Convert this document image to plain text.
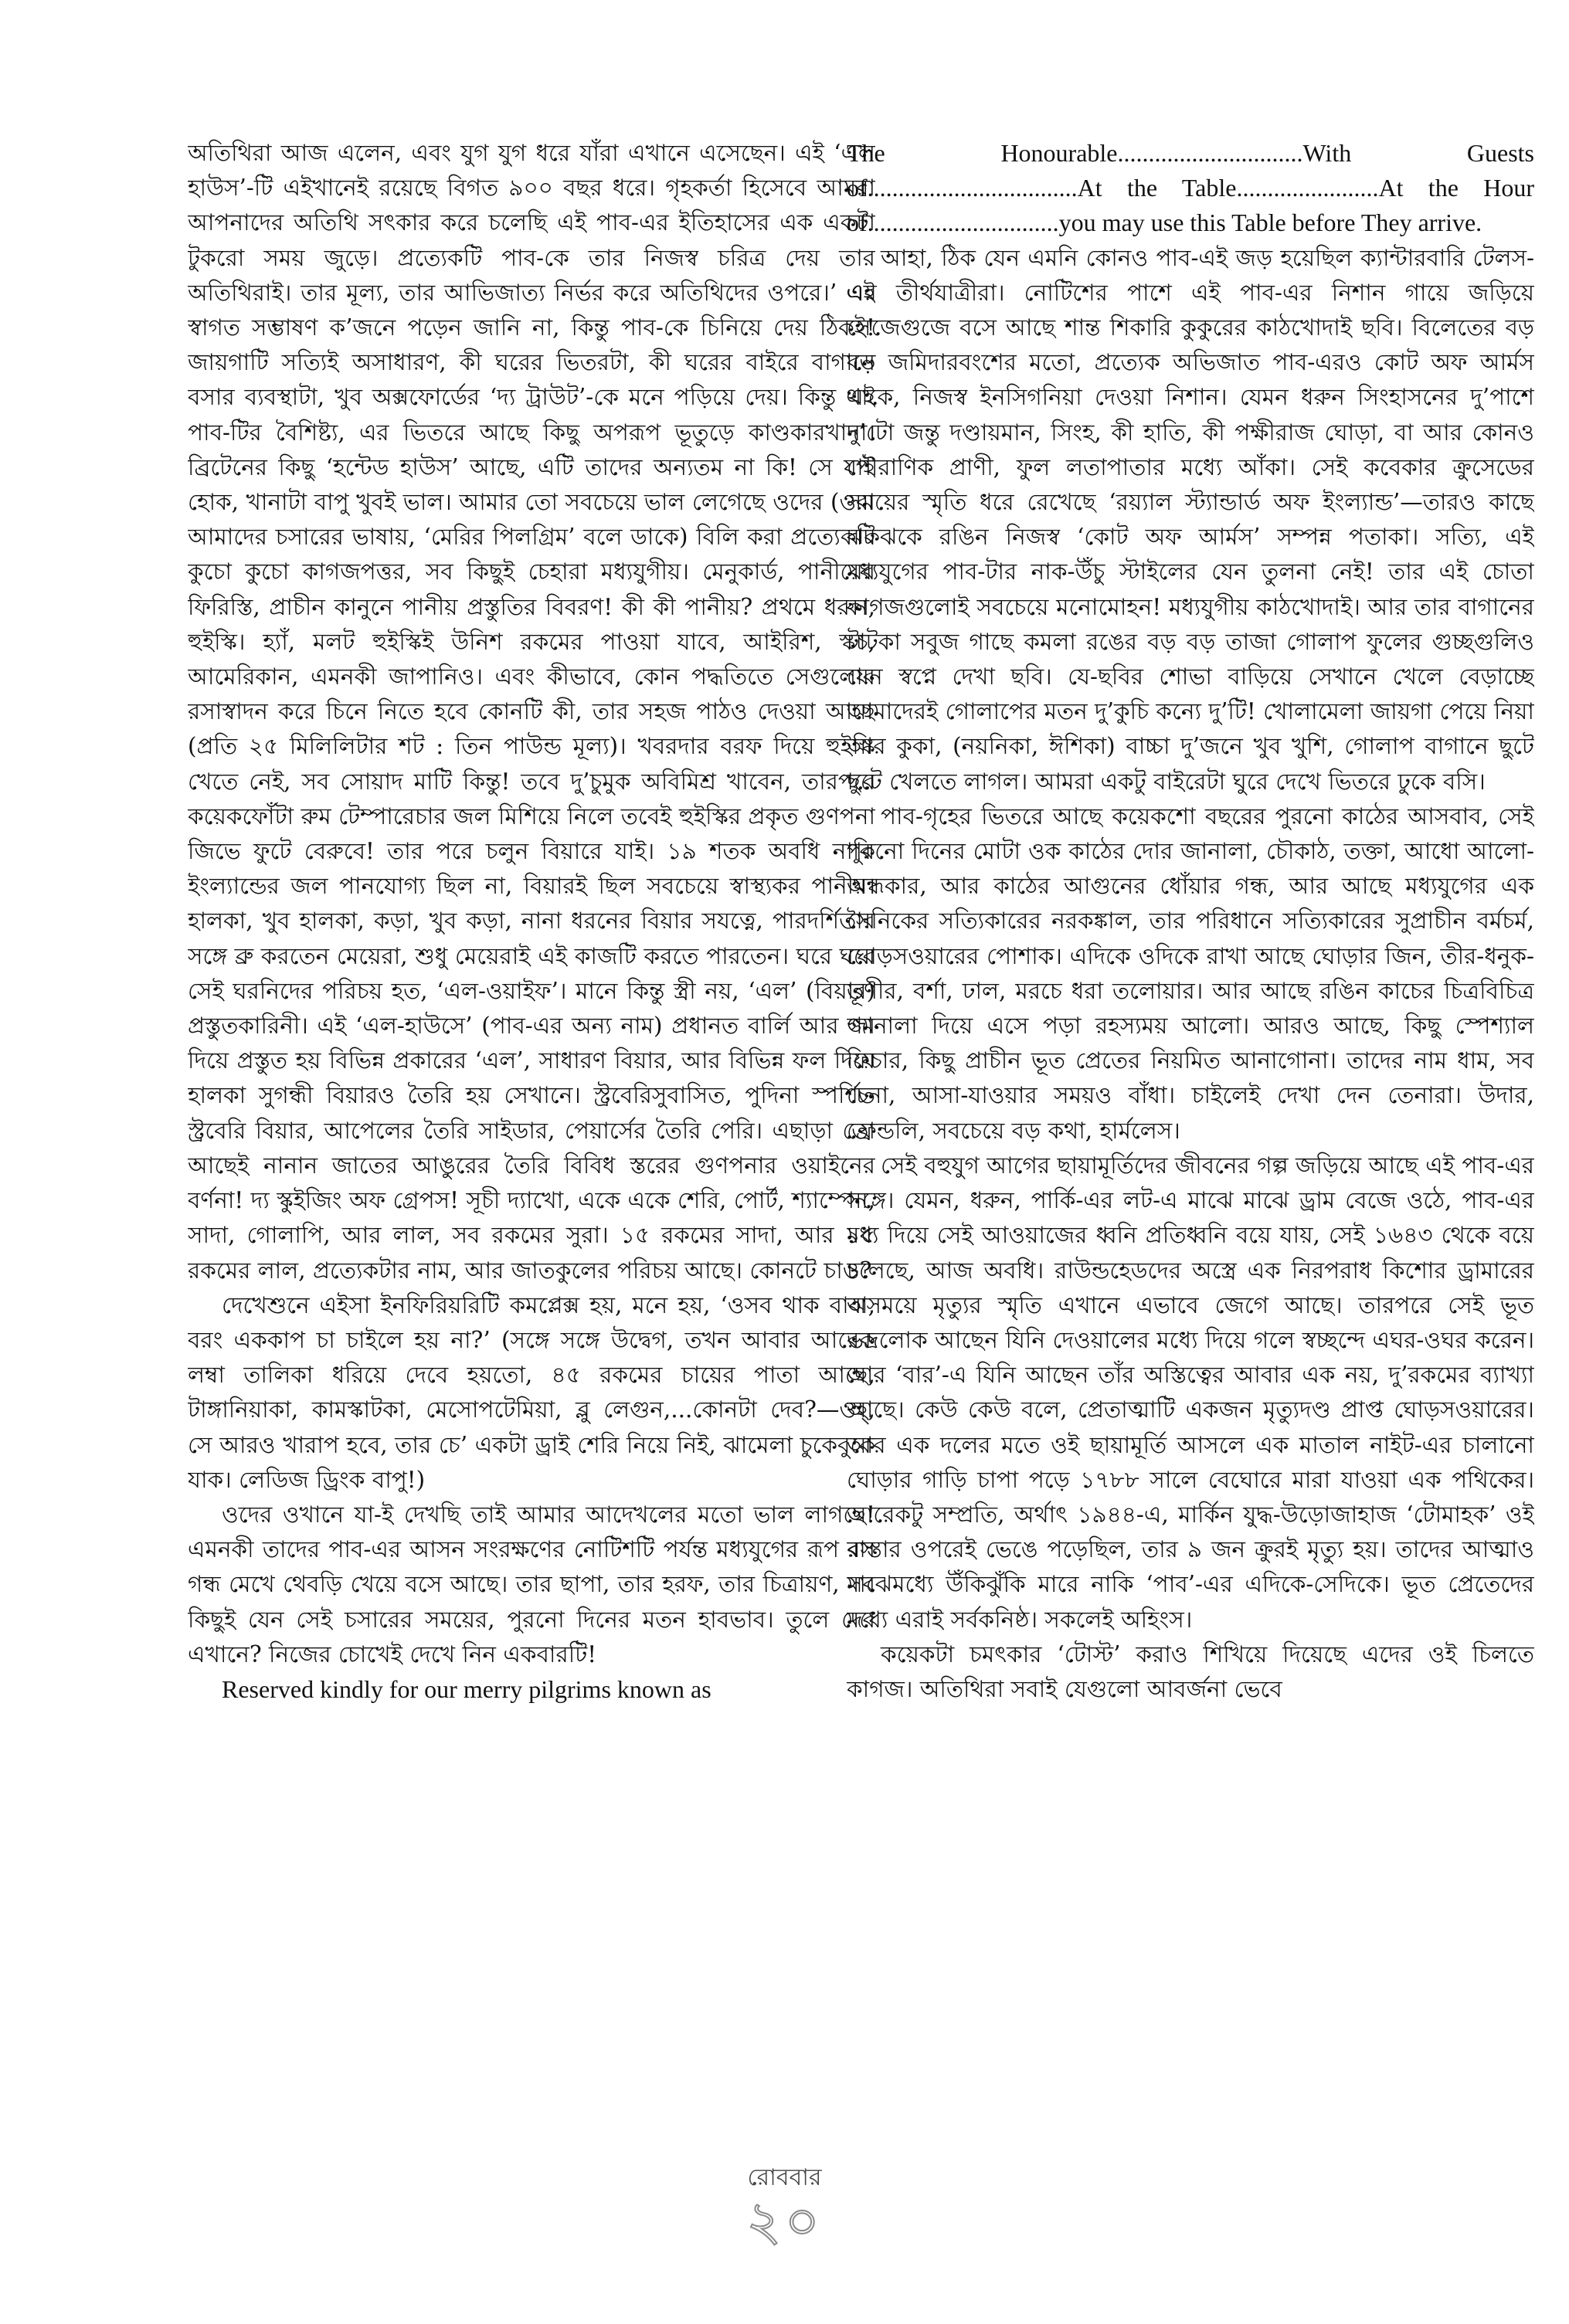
অতিথিরা আজ এলেন, এবং যুগ যুগ ধরে যাঁরা এখানে এসেছেন। এই ‘এল হাউস’-টি এইখানেই রয়েছে বিগত ৯০০ বছর ধরে। গৃহকর্তা হিসেবে আমরা আপনাদের অতিথি সৎকার করে চলেছি এই পাব-এর ইতিহাসের এক একটা টুকরো সময় জুড়ে। প্রত্যেকটি পাব-কে তার নিজস্ব চরিত্র দেয় তার অতিথিরাই। তার মূল্য, তার আভিজাত্য নির্ভর করে অতিথিদের ওপরে।’ এই স্বাগত সম্ভাষণ ক’জনে পড়েন জানি না, কিন্তু পাব-কে চিনিয়ে দেয় ঠিকই! জায়গাটি সত্যিই অসাধারণ, কী ঘরের ভিতরটা, কী ঘরের বাইরে বাগানে বসার ব্যবস্থাটা, খুব অক্সফোর্ডের ‘দ্য ট্রাউট’-কে মনে পড়িয়ে দেয়। কিন্তু এই পাব-টির বৈশিষ্ট্য, এর ভিতরে আছে কিছু অপরূপ ভূতুড়ে কাণ্ডকারখানা। ব্রিটেনের কিছু ‘হন্টেড হাউস’ আছে, এটি তাদের অন্যতম না কি! সে যাই হোক, খানাটা বাপু খুবই ভাল। আমার তো সবচেয়ে ভাল লেগেছে ওদের (ওরা আমাদের চসারের ভাষায়, ‘মেরির পিলগ্রিম’ বলে ডাকে) বিলি করা প্রত্যেকটি কুচো কুচো কাগজপত্তর, সব কিছুই চেহারা মধ্যযুগীয়। মেনুকার্ড, পানীয়ের ফিরিস্তি, প্রাচীন কানুনে পানীয় প্রস্তুতির বিবরণ! কী কী পানীয়? প্রথমে ধরুন, হুইস্কি। হ্যাঁ, মলট হুইস্কিই উনিশ রকমের পাওয়া যাবে, আইরিশ, স্কচ, আমেরিকান, এমনকী জাপানিও। এবং কীভাবে, কোন পদ্ধতিতে সেগুলোর রসাস্বাদন করে চিনে নিতে হবে কোনটি কী, তার সহজ পাঠও দেওয়া আছে (প্রতি ২৫ মিলিলিটার শট : তিন পাউন্ড মূল্য)। খবরদার বরফ দিয়ে হুইস্কি খেতে নেই, সব সোয়াদ মাটি কিন্তু! তবে দু’চুমুক অবিমিশ্র খাবেন, তারপরে কয়েকফোঁটা রুম টেম্পারেচার জল মিশিয়ে নিলে তবেই হুইস্কির প্রকৃত গুণপনা জিভে ফুটে বেরুবে! তার পরে চলুন বিয়ারে যাই। ১৯ শতক অবধি নাকি ইংল্যান্ডের জল পানযোগ্য ছিল না, বিয়ারই ছিল সবচেয়ে স্বাস্থ্যকর পানীয়। হালকা, খুব হালকা, কড়া, খুব কড়া, নানা ধরনের বিয়ার সযত্নে, পারদর্শিতার সঙ্গে ব্রু করতেন মেয়েরা, শুধু মেয়েরাই এই কাজটি করতে পারতেন। ঘরে ঘরে সেই ঘরনিদের পরিচয় হত, ‘এল-ওয়াইফ’। মানে কিন্তু স্ত্রী নয়, ‘এল’ (বিয়ার) প্রস্তুতকারিনী। এই ‘এল-হাউসে’ (পাব-এর অন্য নাম) প্রধানত বার্লি আর গম দিয়ে প্রস্তুত হয় বিভিন্ন প্রকারের ‘এল’, সাধারণ বিয়ার, আর বিভিন্ন ফল দিয়ে হালকা সুগন্ধী বিয়ারও তৈরি হয় সেখানে। স্ট্রবেরিসুবাসিত, পুদিনা স্পর্শিত স্ট্রবেরি বিয়ার, আপেলের তৈরি সাইডার, পেয়ার্সের তৈরি পেরি। এছাড়া তো আছেই নানান জাতের আঙুরের তৈরি বিবিধ স্তরের গুণপনার ওয়াইনের বর্ণনা! দ্য স্কুইজিং অফ গ্রেপস! সূচী দ্যাখো, একে একে শেরি, পোর্ট, শ্যাম্পেন, সাদা, গোলাপি, আর লাল, সব রকমের সুরা। ১৫ রকমের সাদা, আর ১৫ রকমের লাল, প্রত্যেকটার নাম, আর জাতকুলের পরিচয় আছে। কোনটে চাও?

দেখেশুনে এইসা ইনফিরিয়রিটি কমপ্লেক্স হয়, মনে হয়, ‘ওসব থাক বাবা, বরং এককাপ চা চাইলে হয় না?’ (সঙ্গে সঙ্গে উদ্বেগ, তখন আবার আরেক লম্বা তালিকা ধরিয়ে দেবে হয়তো, ৪৫ রকমের চায়ের পাতা আছে, টাঙ্গানিয়াকা, কামস্কাটকা, মেসোপটেমিয়া, ব্লু লেগুন,...কোনটা দেব?—ওহ্, সে আরও খারাপ হবে, তার চে’ একটা ড্রাই শেরি নিয়ে নিই, ঝামেলা চুকেবুকে যাক। লেডিজ ড্রিংক বাপু!)

ওদের ওখানে যা-ই দেখছি তাই আমার আদেখলের মতো ভাল লাগছে! এমনকী তাদের পাব-এর আসন সংরক্ষণের নোটিশটি পর্যন্ত মধ্যযুগের রূপ রস গন্ধ মেখে থেবড়ি খেয়ে বসে আছে। তার ছাপা, তার হরফ, তার চিত্রায়ণ, সব কিছুই যেন সেই চসারের সময়ের, পুরনো দিনের মতন হাবভাব। তুলে দেব এখানে? নিজের চোখেই দেখে নিন একবারটি!

Reserved kindly for our merry pilgrims known as

The Honourable..............................With Guests of..................................At the Table.......................At the Hour of...............................you may use this Table before They arrive.

আহা, ঠিক যেন এমনি কোনও পাব-এই জড় হয়েছিল ক্যান্টারবারি টেলস-এর তীর্থযাত্রীরা। নোটিশের পাশে এই পাব-এর নিশান গায়ে জড়িয়ে সেজেগুজে বসে আছে শান্ত শিকারি কুকুরের কাঠখোদাই ছবি। বিলেতের বড় বড় জমিদারবংশের মতো, প্রত্যেক অভিজাত পাব-এরও কোট অফ আর্মস থাকে, নিজস্ব ইনসিগনিয়া দেওয়া নিশান। যেমন ধরুন সিংহাসনের দু’পাশে দু’টো জন্তু দণ্ডায়মান, সিংহ, কী হাতি, কী পক্ষীরাজ ঘোড়া, বা আর কোনও পৌরাণিক প্রাণী, ফুল লতাপাতার মধ্যে আঁকা। সেই কবেকার ক্রুসেডের সময়ের স্মৃতি ধরে রেখেছে ‘রয়্যাল স্ট্যান্ডার্ড অফ ইংল্যান্ড’—তারও কাছে ঝকঝকে রঙিন নিজস্ব ‘কোট অফ আর্মস’ সম্পন্ন পতাকা। সত্যি, এই মধ্যযুগের পাব-টার নাক-উঁচু স্টাইলের যেন তুলনা নেই! তার এই চোতা কাগজগুলোই সবচেয়ে মনোমোহন! মধ্যযুগীয় কাঠখোদাই। আর তার বাগানের টাটকা সবুজ গাছে কমলা রঙের বড় বড় তাজা গোলাপ ফুলের গুচ্ছগুলিও যেন স্বপ্নে দেখা ছবি। যে-ছবির শোভা বাড়িয়ে সেখানে খেলে বেড়াচ্ছে আমাদেরই গোলাপের মতন দু’কুচি কন্যে দু’টি! খোলামেলা জায়গা পেয়ে নিয়া আর কুকা, (নয়নিকা, ঈশিকা) বাচ্চা দু’জনে খুব খুশি, গোলাপ বাগানে ছুটে ছুটে খেলতে লাগল। আমরা একটু বাইরেটা ঘুরে দেখে ভিতরে ঢুকে বসি।

পাব-গৃহের ভিতরে আছে কয়েকশো বছরের পুরনো কাঠের আসবাব, সেই পুরনো দিনের মোটা ওক কাঠের দোর জানালা, চৌকাঠ, তক্তা, আধো আলো-অন্ধকার, আর কাঠের আগুনের ধোঁয়ার গন্ধ, আর আছে মধ্যযুগের এক সৈনিকের সত্যিকারের নরকঙ্কাল, তার পরিধানে সত্যিকারের সুপ্রাচীন বর্মচর্ম, ঘোড়সওয়ারের পোশাক। এদিকে ওদিকে রাখা আছে ঘোড়ার জিন, তীর-ধনুক-তূণীর, বর্শা, ঢাল, মরচে ধরা তলোয়ার। আর আছে রঙিন কাচের চিত্রবিচিত্র জানালা দিয়ে এসে পড়া রহস্যময় আলো। আরও আছে, কিছু স্পেশ্যাল ফিচার, কিছু প্রাচীন ভূত প্রেতের নিয়মিত আনাগোনা। তাদের নাম ধাম, সব চেনা, আসা-যাওয়ার সময়ও বাঁধা। চাইলেই দেখা দেন তেনারা। উদার, ফ্রেন্ডলি, সবচেয়ে বড় কথা, হার্মলেস।

সেই বহুযুগ আগের ছায়ামূর্তিদের জীবনের গল্প জড়িয়ে আছে এই পাব-এর সঙ্গে। যেমন, ধরুন, পার্কি-এর লট-এ মাঝে মাঝে ড্রাম বেজে ওঠে, পাব-এর মধ্য দিয়ে সেই আওয়াজের ধ্বনি প্রতিধ্বনি বয়ে যায়, সেই ১৬৪৩ থেকে বয়ে চলেছে, আজ অবধি। রাউন্ডহেডদের অস্ত্রে এক নিরপরাধ কিশোর ড্রামারের অসময়ে মৃত্যুর স্মৃতি এখানে এভাবে জেগে আছে। তারপরে সেই ভূত ভদ্রলোক আছেন যিনি দেওয়ালের মধ্যে দিয়ে গলে স্বচ্ছন্দে এঘর-ওঘর করেন। আর ‘বার’-এ যিনি আছেন তাঁর অস্তিত্বের আবার এক নয়, দু’রকমের ব্যাখ্যা আছে। কেউ কেউ বলে, প্রেতাত্মাটি একজন মৃত্যুদণ্ড প্রাপ্ত ঘোড়সওয়ারের। আর এক দলের মতে ওই ছায়ামূর্তি আসলে এক মাতাল নাইট-এর চালানো ঘোড়ার গাড়ি চাপা পড়ে ১৭৮৮ সালে বেঘোরে মারা যাওয়া এক পথিকের। আরেকটু সম্প্রতি, অর্থাৎ ১৯৪৪-এ, মার্কিন যুদ্ধ-উড়োজাহাজ ‘টোমাহক’ ওই রাস্তার ওপরেই ভেঙে পড়েছিল, তার ৯ জন ক্রুরই মৃত্যু হয়। তাদের আত্মাও মাঝেমধ্যে উঁকিঝুঁকি মারে নাকি ‘পাব’-এর এদিকে-সেদিকে। ভূত প্রেতেদের মধ্যে এরাই সর্বকনিষ্ঠ। সকলেই অহিংস।

কয়েকটা চমৎকার ‘টোস্ট’ করাও শিখিয়ে দিয়েছে এদের ওই চিলতে কাগজ। অতিথিরা সবাই যেগুলো আবর্জনা ভেবে

রোববার
২০
